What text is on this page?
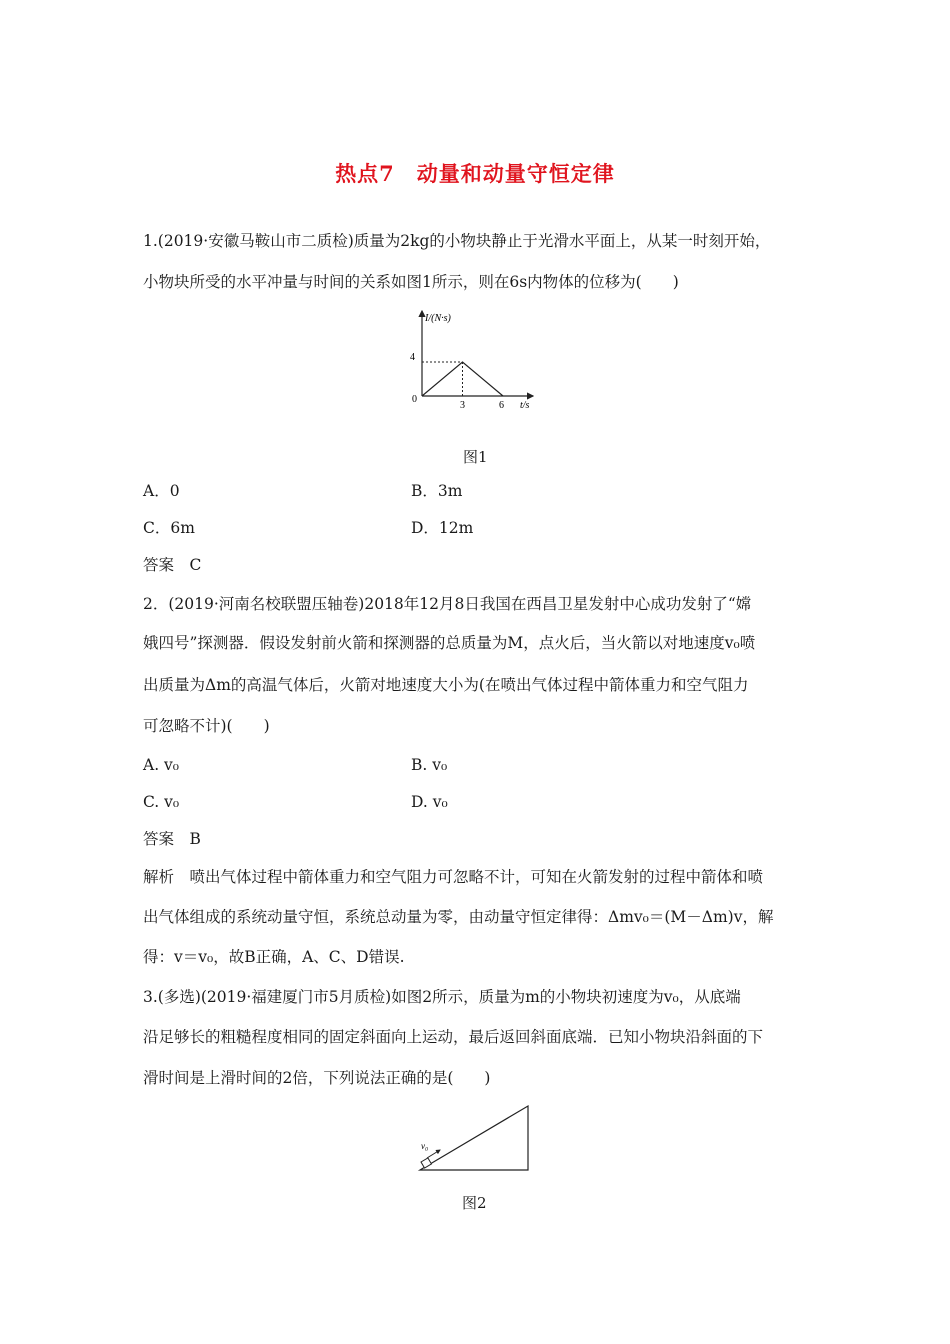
热点7　动量和动量守恒定律
1.(2019·安徽马鞍山市二质检)质量为2kg的小物块静止于光滑水平面上，从某一时刻开始，
小物块所受的水平冲量与时间的关系如图1所示，则在6s内物体的位移为(　　)
I/(N·s)
t/s
4
0
3	6
图1
A．0	B．3m
C．6m	D．12m
答案　C
2．(2019·河南名校联盟压轴卷)2018年12月8日我国在西昌卫星发射中心成功发射了“嫦
娥四号”探测器．假设发射前火箭和探测器的总质量为M，点火后，当火箭以对地速度v₀喷
出质量为Δm的高温气体后，火箭对地速度大小为(在喷出气体过程中箭体重力和空气阻力
可忽略不计)(　　)
A. v₀	B. v₀
C. v₀	D. v₀
答案　B
解析　喷出气体过程中箭体重力和空气阻力可忽略不计，可知在火箭发射的过程中箭体和喷
出气体组成的系统动量守恒，系统总动量为零，由动量守恒定律得：Δmv₀＝(M－Δm)v，解
得：v＝v₀，故B正确，A、C、D错误.
3.(多选)(2019·福建厦门市5月质检)如图2所示，质量为m的小物块初速度为v₀，从底端
沿足够长的粗糙程度相同的固定斜面向上运动，最后返回斜面底端．已知小物块沿斜面的下
滑时间是上滑时间的2倍，下列说法正确的是(　　)
v₀
图2
